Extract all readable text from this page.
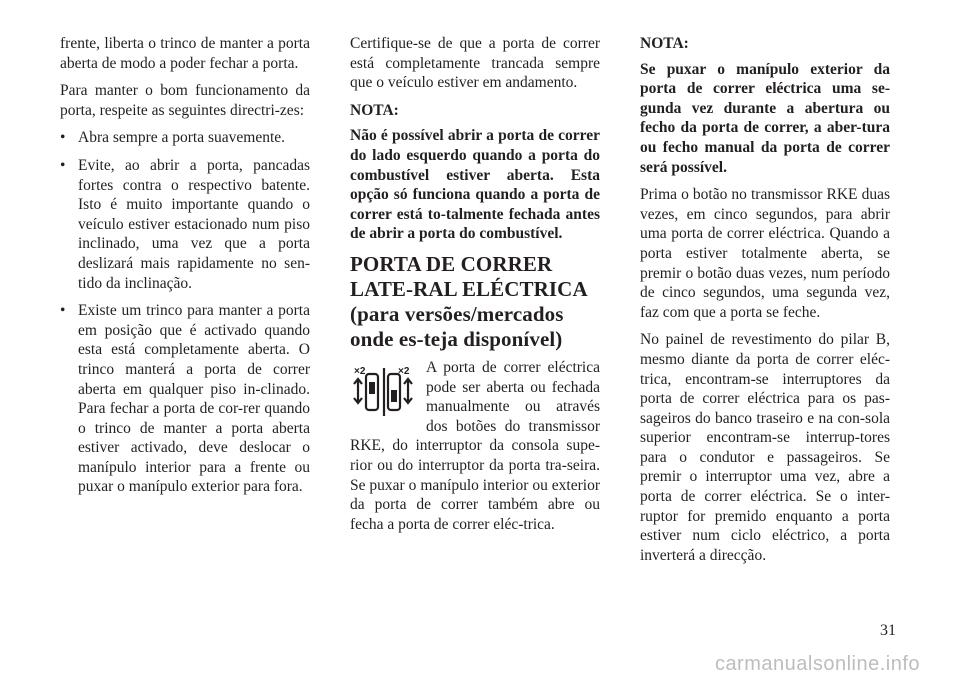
frente, liberta o trinco de manter a porta aberta de modo a poder fechar a porta.

Para manter o bom funcionamento da porta, respeite as seguintes directri-zes:

• Abra sempre a porta suavemente.
• Evite, ao abrir a porta, pancadas fortes contra o respectivo batente. Isto é muito importante quando o veículo estiver estacionado num piso inclinado, uma vez que a porta deslizará mais rapidamente no sen-tido da inclinação.
• Existe um trinco para manter a porta em posição que é activado quando esta está completamente aberta. O trinco manterá a porta de correr aberta em qualquer piso in-clinado. Para fechar a porta de cor-rer quando o trinco de manter a porta aberta estiver activado, deve deslocar o manípulo interior para a frente ou puxar o manípulo exterior para fora.

Certifique-se de que a porta de correr está completamente trancada sempre que o veículo estiver em andamento.

NOTA:

Não é possível abrir a porta de correr do lado esquerdo quando a porta do combustível estiver aberta. Esta opção só funciona quando a porta de correr está to-talmente fechada antes de abrir a porta do combustível.

PORTA DE CORRER LATE-RAL ELÉCTRICA (para versões/mercados onde es-teja disponível)
×2	×2	A porta de correr eléctrica pode ser aberta ou fechada manualmente ou através dos botões do transmissor RKE, do interruptor da consola supe-rior ou do interruptor da porta tra-seira. Se puxar o manípulo interior ou exterior da porta de correr também abre ou fecha a porta de correr eléc-trica.

NOTA:

Se puxar o manípulo exterior da porta de correr eléctrica uma se-gunda vez durante a abertura ou fecho da porta de correr, a aber-tura ou fecho manual da porta de correr será possível.

Prima o botão no transmissor RKE duas vezes, em cinco segundos, para abrir uma porta de correr eléctrica. Quando a porta estiver totalmente aberta, se premir o botão duas vezes, num período de cinco segundos, uma segunda vez, faz com que a porta se feche.

No painel de revestimento do pilar B, mesmo diante da porta de correr eléc-trica, encontram-se interruptores da porta de correr eléctrica para os pas-sageiros do banco traseiro e na con-sola superior encontram-se interrup-tores para o condutor e passageiros. Se premir o interruptor uma vez, abre a porta de correr eléctrica. Se o inter-ruptor for premido enquanto a porta estiver num ciclo eléctrico, a porta inverterá a direcção.

31
carmanualsonline.info
